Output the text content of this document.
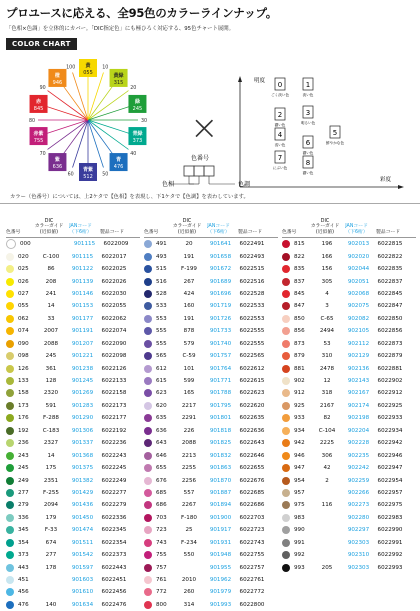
プロユースに応える、全95色のカラーラインナップ。
「色相×色調」を立体的にカバー。「DIC指定色」にも極ひろく対応する、95色チャート展開。
COLOR CHART
10
20
30
40
50
60
70
80
90
100 黄
055	黄緑
315
緑
245
青緑
373
青
476
青紫
512
紫
636
赤紫
755
赤
845
橙
946
×
明度
彩度
0
ごく淡い色
1
淡い色
2
濃い色
3
明るい色
4
浅い色
5
鮮やかな色
6
濃い色
7
にぶい色
8
濃い色
色番号
色相	色調
カラー（色番号）については、上2ケタで【色相】を表現し、下1ケタで【色調】を表わしています。
色番号
DIC
カラーガイド
(近似値)
JANコード
（下6桁）	製品コード
000	901115	6022009
020	C-100	901115	6022017
025	86	901122	6022025
026	208	901139	6022026
027	241	901146	6022030
055	14	901153	6022055
062	33	901177	6022062
074	2007	901191	6022074
090	2088	901207	6022090
098	245	901221	6022098
126	361	901238	6022126
133	128	901245	6022133
158	2320	901269	6022158
173	591	901283	6022173
176	F-288	901290	6022177
192	C-183	901306	6022192
236	2327	901337	6022236
243	14	901368	6022243
245	175	901375	6022245
249	2351	901382	6022249
277	F-255	901429	6022277
279	2094	901436	6022279
336	179	901450	6022336
345	F-33	901474	6022345
354	674	901511	6022354
373	277	901542	6022373
443	178	901597	6022443
451	901603	6022451
456	901610	6022456
476	140	901634	6022476
色番号
DIC
カラーガイド
(近似値)
JANコード
（下6桁）	製品コード
491	20	901641	6022491
493	191	901658	6022493
515	F-199	901672	6022515
516	267	901689	6022516
528	424	901696	6022528
533	160	901719	6022533
553	191	901726	6022553
555	878	901733	6022555
555	579	901740	6022555
565	C-59	901757	6022565
612	101	901764	6022612
615	599	901771	6022615
623	165	901788	6022623
620	2217	901795	6022620
635	2291	901801	6022635
636	226	901818	6022636
643	2088	901825	6022643
646	2213	901832	6022646
655	2255	901863	6022655
676	2256	901870	6022676
685	557	901887	6022685
686	2267	901894	6022686
703	F-180	901900	6022703
723	25	901917	6022723
743	F-234	901931	6022743
755	550	901948	6022755
757	901955	6022757
761	2010	901962	6022761
772	260	901979	6022772
800	314	901993	6022800
色番号
DIC
カラーガイド
(近似値)
JANコード
（下6桁）	製品コード
815	196	902013	6022815
822	166	902020	6022822
835	156	902044	6022835
837	305	902051	6022837
845	4	902068	6022845
847	3	902075	6022847
850	C-65	902082	6022850
856	2494	902105	6022856
873	53	902112	6022873
879	310	902129	6022879
881	2478	902136	6022881
902	12	902143	6022902
912	318	902167	6022912
925	2167	902174	6022925
933	82	902198	6022933
934	C-104	902204	6022934
942	2225	902228	6022942
946	306	902235	6022946
947	42	902242	6022947
954	2	902259	6022954
957	902266	6022957
975	116	902273	6022975
983	902280	6022983
990	902297	6022990
991	902303	6022991
992	902310	6022992
993	205	902303	6022993
